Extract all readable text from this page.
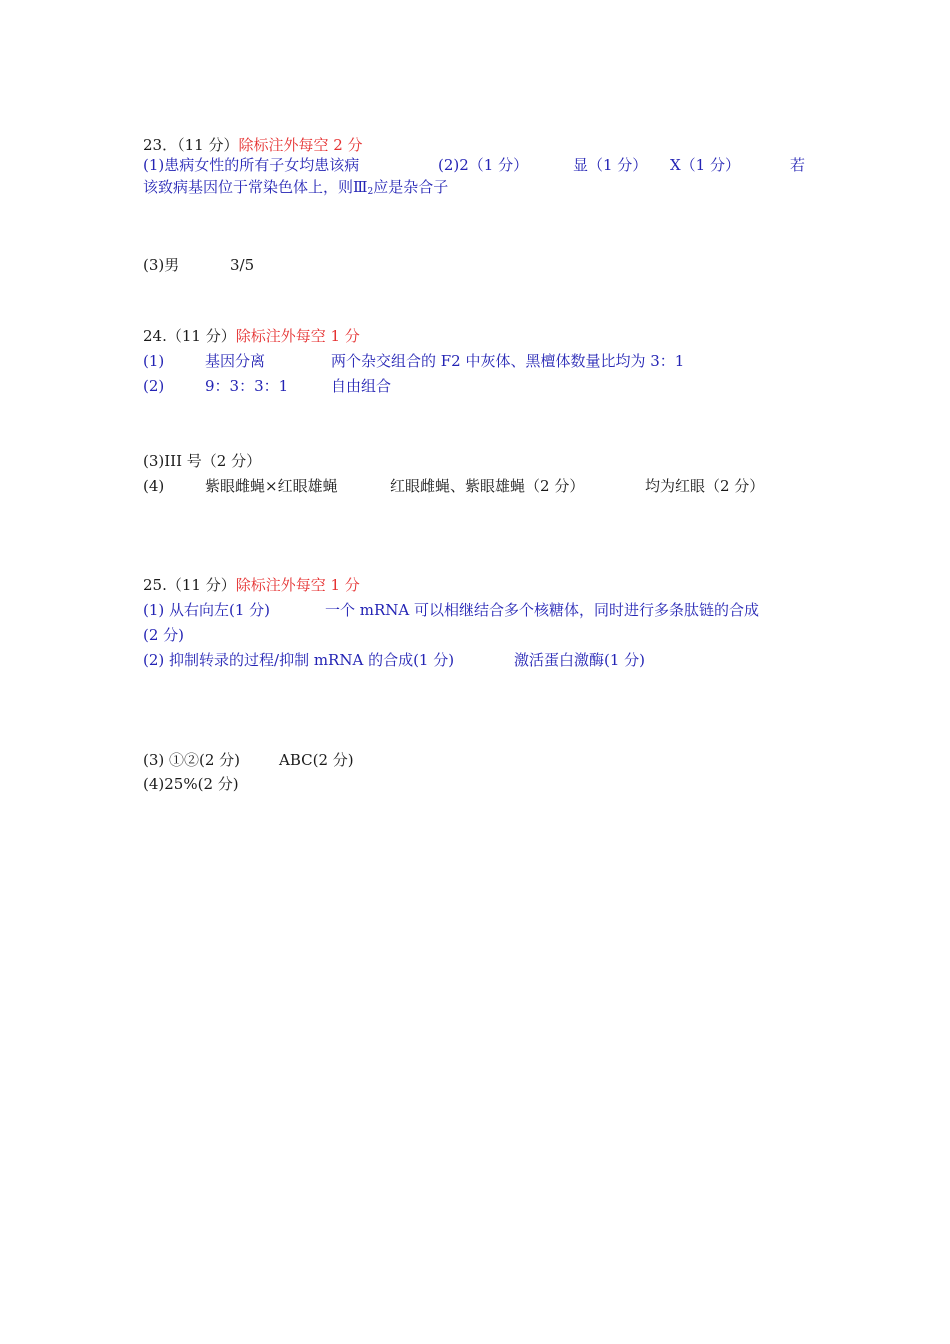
23．（11 分）除标注外每空 2 分
(1)患病女性的所有子女均患该病	(2)2（1 分）	显（1 分） X（1 分）	若
该致病基因位于常染色体上，则$Ⅲ_2$应是杂合子
(3)男	3/5
24.（11 分）除标注外每空 1 分
(1)	基因分离	两个杂交组合的 F2 中灰体、黑檀体数量比均为 3：1
(2)	9：3：3：1	自由组合
(3)III 号（2 分）
(4)	紫眼雌蝇×红眼雄蝇	红眼雌蝇、紫眼雄蝇（2 分）	均为红眼（2 分）
25.（11 分）除标注外每空 1 分
(1) 从右向左(1 分)	一个 mRNA 可以相继结合多个核糖体，同时进行多条肽链的合成
(2 分)
(2) 抑制转录的过程/抑制 mRNA 的合成(1 分)	激活蛋白激酶(1 分)
(3) ①②(2 分)	ABC(2 分)
(4)25%(2 分)
